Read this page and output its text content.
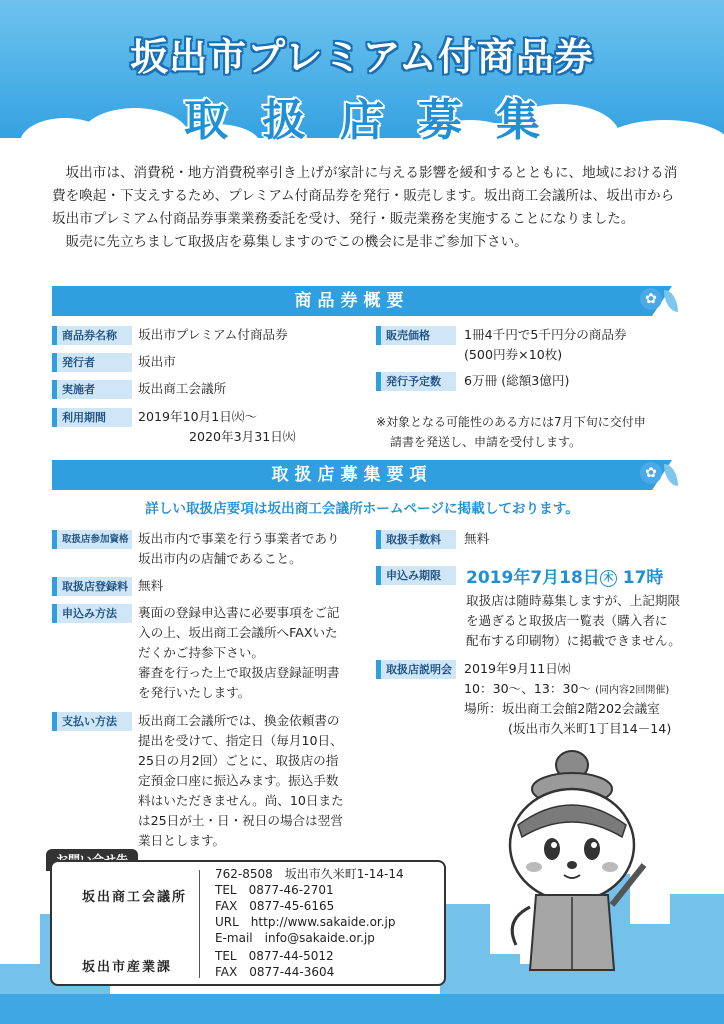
坂出市プレミアム付商品券
取扱店募集

坂出市は、消費税・地方消費税率引き上げが家計に与える影響を緩和するとともに、地域における消費を喚起・下支えするため、プレミアム付商品券を発行・販売します。坂出商工会議所は、坂出市から坂出市プレミアム付商品券事業業務委託を受け、発行・販売業務を実施することになりました。

販売に先立ちまして取扱店を募集しますのでこの機会に是非ご参加下さい。

商品券概要	✿
商品券名称	坂出市プレミアム付商品券
発行者	坂出市
実施者	坂出商工会議所
利用期間	2019年10月1日㈫～
2020年3月31日㈫
販売価格	1冊4千円で5千円分の商品券
(500円券×10枚)
発行予定数	6万冊 (総額3億円)
※対象となる可能性のある方には7月下旬に交付申
請書を発送し、申請を受付します。
取扱店募集要項	✿
詳しい取扱店要項は坂出商工会議所ホームページに掲載しております。
取扱店参加資格 坂出市内で事業を行う事業者であり
坂出市内の店舗であること。
取扱店登録料 無料
申込み方法	裏面の登録申込書に必要事項をご記
入の上、坂出商工会議所へFAXいた
だくかご持参下さい。
審査を行った上で取扱店登録証明書
を発行いたします。
支払い方法	坂出商工会議所では、換金依頼書の
提出を受けて、指定日（毎月10日、
25日の月2回）ごとに、取扱店の指
定預金口座に振込みます。振込手数
料はいただきません。尚、10日また
は25日が土・日・祝日の場合は翌営
業日とします。
取扱手数料	無料
申込み期限	2019年7月18日 木 17時
取扱店は随時募集しますが、上記期限
を過ぎると取扱店一覧表（購入者に
配布する印刷物）に掲載できません。
取扱店説明会 2019年9月11日㈬
10：30～、13：30～ (同内容2回開催)
場所：坂出商工会館2階202会議室
(坂出市久米町1丁目14－14)
坂出商工会議所
762-8508　坂出市久米町1-14-14
TEL　0877-46-2701
FAX　0877-45-6165
URL　http://www.sakaide.or.jp
E-mail　info@sakaide.or.jp
坂出市産業課
TEL　0877-44-5012
FAX　0877-44-3604
